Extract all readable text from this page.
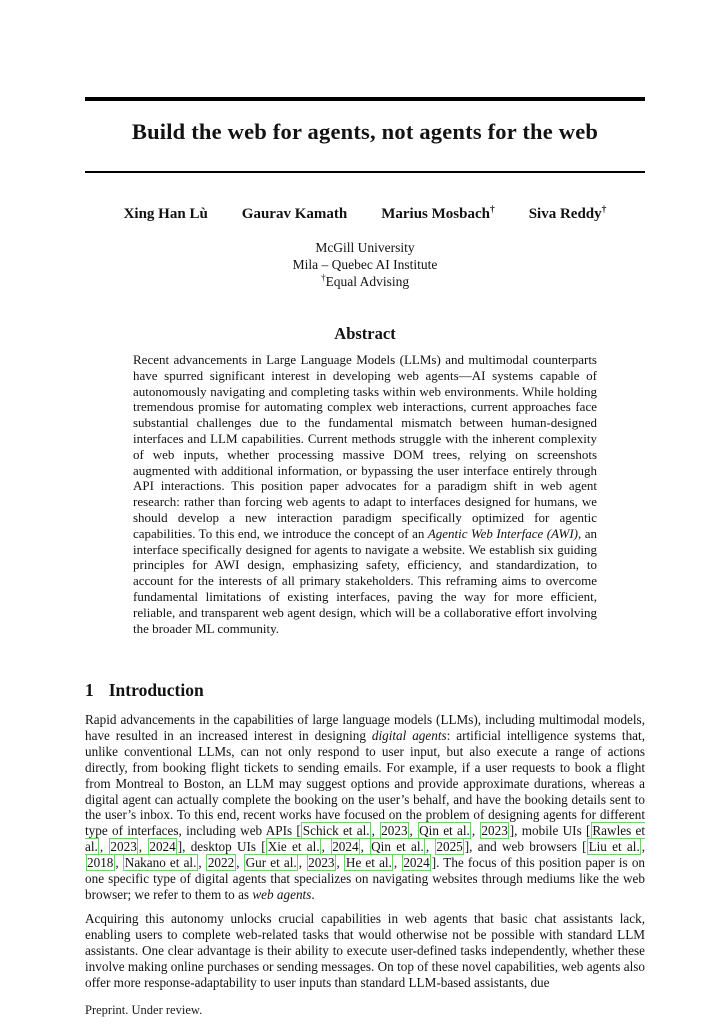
Build the web for agents, not agents for the web
Xing Han Lù Gaurav Kamath Marius Mosbach† Siva Reddy†
McGill University
Mila – Quebec AI Institute
†Equal Advising
Abstract

Recent advancements in Large Language Models (LLMs) and multimodal counterparts have spurred significant interest in developing web agents—AI systems capable of autonomously navigating and completing tasks within web environments. While holding tremendous promise for automating complex web interactions, current approaches face substantial challenges due to the fundamental mismatch between human-designed interfaces and LLM capabilities. Current methods struggle with the inherent complexity of web inputs, whether processing massive DOM trees, relying on screenshots augmented with additional information, or bypassing the user interface entirely through API interactions. This position paper advocates for a paradigm shift in web agent research: rather than forcing web agents to adapt to interfaces designed for humans, we should develop a new interaction paradigm specifically optimized for agentic capabilities. To this end, we introduce the concept of an Agentic Web Interface (AWI), an interface specifically designed for agents to navigate a website. We establish six guiding principles for AWI design, emphasizing safety, efficiency, and standardization, to account for the interests of all primary stakeholders. This reframing aims to overcome fundamental limitations of existing interfaces, paving the way for more efficient, reliable, and transparent web agent design, which will be a collaborative effort involving the broader ML community.

1 Introduction

Rapid advancements in the capabilities of large language models (LLMs), including multimodal models, have resulted in an increased interest in designing digital agents: artificial intelligence systems that, unlike conventional LLMs, can not only respond to user input, but also execute a range of actions directly, from booking flight tickets to sending emails. For example, if a user requests to book a flight from Montreal to Boston, an LLM may suggest options and provide approximate durations, whereas a digital agent can actually complete the booking on the user’s behalf, and have the booking details sent to the user’s inbox. To this end, recent works have focused on the problem of designing agents for different type of interfaces, including web APIs [ Schick et al. , 2023 , Qin et al. , 2023 ], mobile UIs [ Rawles et al. , 2023 , 2024 ], desktop UIs [ Xie et al. , 2024 , Qin et al. , 2025 ], and web browsers [ Liu et al. , 2018 , Nakano et al. , 2022 , Gur et al. , 2023 , He et al. , 2024 ]. The focus of this position paper is on one specific type of digital agents that specializes on navigating websites through mediums like the web browser; we refer to them to as web agents.

Acquiring this autonomy unlocks crucial capabilities in web agents that basic chat assistants lack, enabling users to complete web-related tasks that would otherwise not be possible with standard LLM assistants. One clear advantage is their ability to execute user-defined tasks independently, whether these involve making online purchases or sending messages. On top of these novel capabilities, web agents also offer more response-adaptability to user inputs than standard LLM-based assistants, due

Preprint. Under review.
